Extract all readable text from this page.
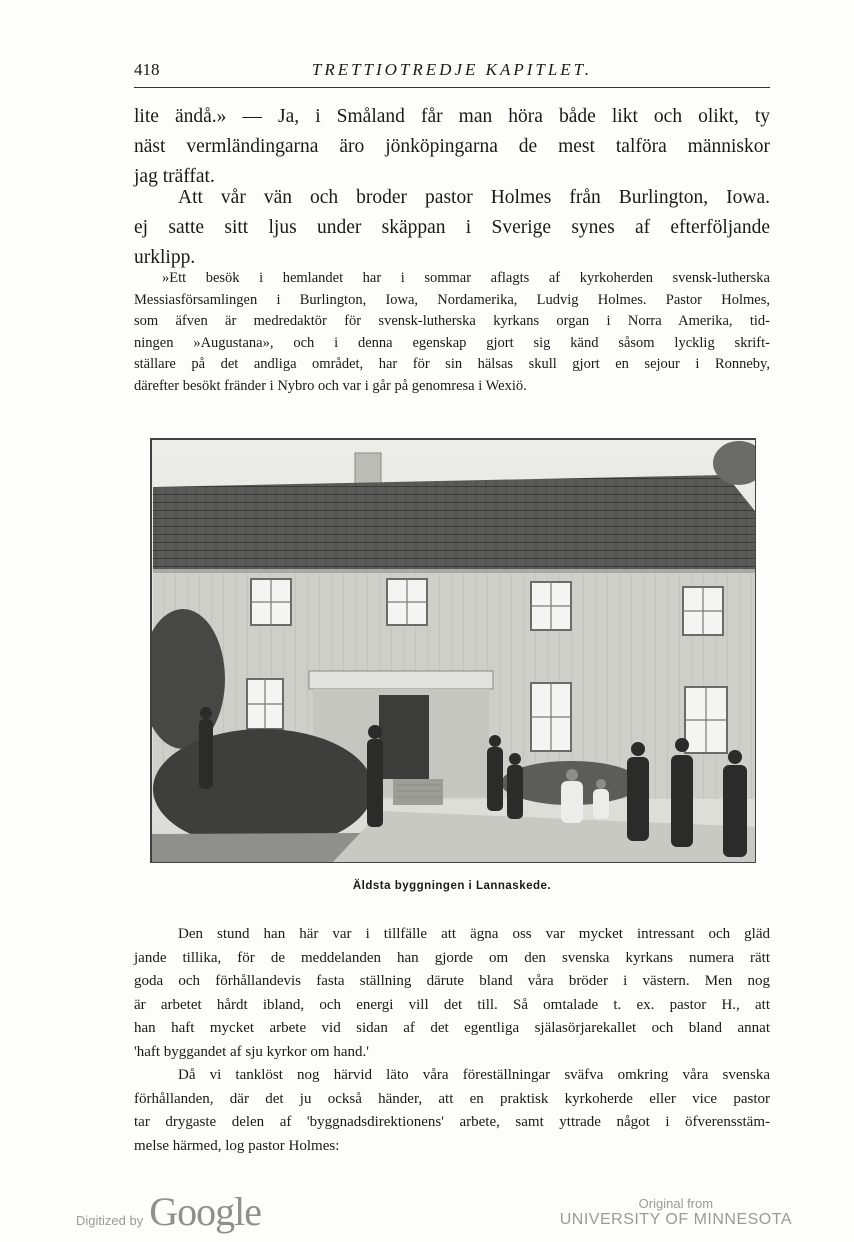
418	TRETTIOTREDJE KAPITLET.
lite ändå.» — Ja, i Småland får man höra både likt och olikt, ty
näst vermländingarna äro jönköpingarna de mest talföra människor
jag träffat.
Att vår vän och broder pastor Holmes från Burlington, Iowa.
ej satte sitt ljus under skäppan i Sverige synes af efterföljande
urklipp.
»Ett besök i hemlandet har i sommar aflagts af kyrkoherden svensk-lutherska
Messiasförsamlingen i Burlington, Iowa, Nordamerika, Ludvig Holmes. Pastor Holmes,
som äfven är medredaktör för svensk-lutherska kyrkans organ i Norra Amerika, tid-
ningen »Augustana», och i denna egenskap gjort sig känd såsom lycklig skrift-
ställare på det andliga området, har för sin hälsas skull gjort en sejour i Ronneby,
därefter besökt fränder i Nybro och var i går på genomresa i Wexiö.
Äldsta byggningen i Lannaskede.
Den stund han här var i tillfälle att ägna oss var mycket intressant och gläd
jande tillika, för de meddelanden han gjorde om den svenska kyrkans numera rätt
goda och förhållandevis fasta ställning därute bland våra bröder i västern. Men nog
är arbetet hårdt ibland, och energi vill det till. Så omtalade t. ex. pastor H., att
han haft mycket arbete vid sidan af det egentliga själasörjarekallet och bland annat
'haft byggandet af sju kyrkor om hand.'
Då vi tanklöst nog härvid läto våra föreställningar sväfva omkring våra svenska
förhållanden, där det ju också händer, att en praktisk kyrkoherde eller vice pastor
tar drygaste delen af 'byggnadsdirektionens' arbete, samt yttrade något i öfverensstäm-
melse härmed, log pastor Holmes:
Digitized by Google	Original from
UNIVERSITY OF MINNESOTA
